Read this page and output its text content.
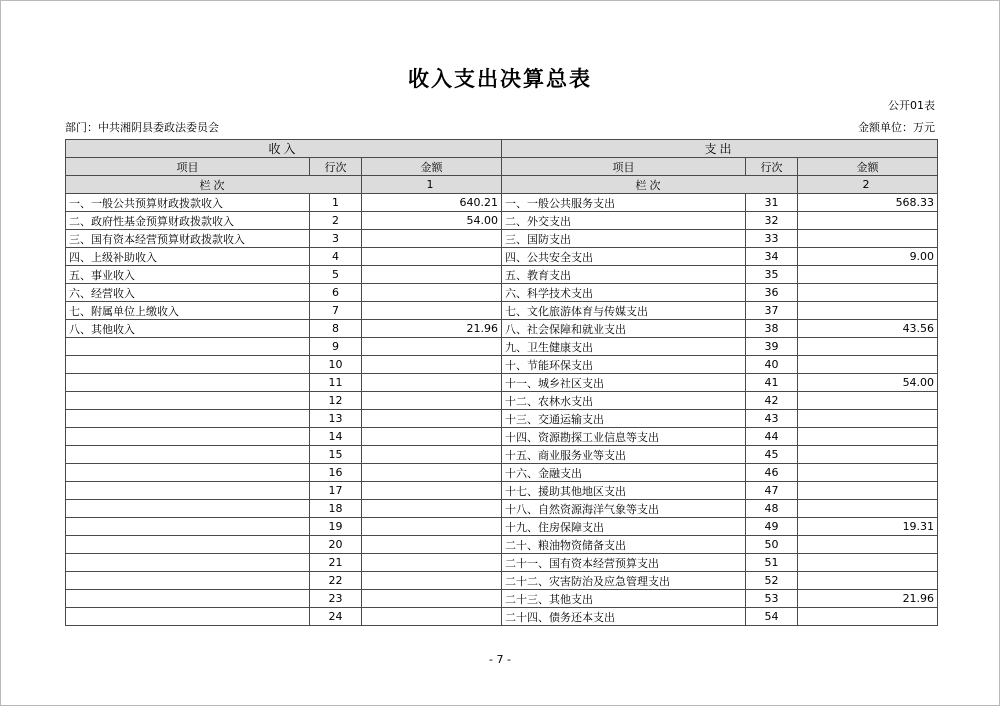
收入支出决算总表
公开01表
部门：中共湘阴县委政法委员会	金额单位：万元
收入			支出		
项目	行次	金额	项目	行次	金额
栏次		1	栏次		2
一、一般公共预算财政拨款收入	1	640.21	一、一般公共服务支出	31	568.33
二、政府性基金预算财政拨款收入	2	54.00	二、外交支出	32	
三、国有资本经营预算财政拨款收入	3		三、国防支出	33	
四、上级补助收入	4		四、公共安全支出	34	9.00
五、事业收入	5		五、教育支出	35	
六、经营收入	6		六、科学技术支出	36	
七、附属单位上缴收入	7		七、文化旅游体育与传媒支出	37	
八、其他收入	8	21.96	八、社会保障和就业支出	38	43.56
	9		九、卫生健康支出	39	
	10		十、节能环保支出	40	
	11		十一、城乡社区支出	41	54.00
	12		十二、农林水支出	42	
	13		十三、交通运输支出	43	
	14		十四、资源勘探工业信息等支出	44	
	15		十五、商业服务业等支出	45	
	16		十六、金融支出	46	
	17		十七、援助其他地区支出	47	
	18		十八、自然资源海洋气象等支出	48	
	19		十九、住房保障支出	49	19.31
	20		二十、粮油物资储备支出	50	
	21		二十一、国有资本经营预算支出	51	
	22		二十二、灾害防治及应急管理支出	52	
	23		二十三、其他支出	53	21.96
	24		二十四、债务还本支出	54	
- 7 -
